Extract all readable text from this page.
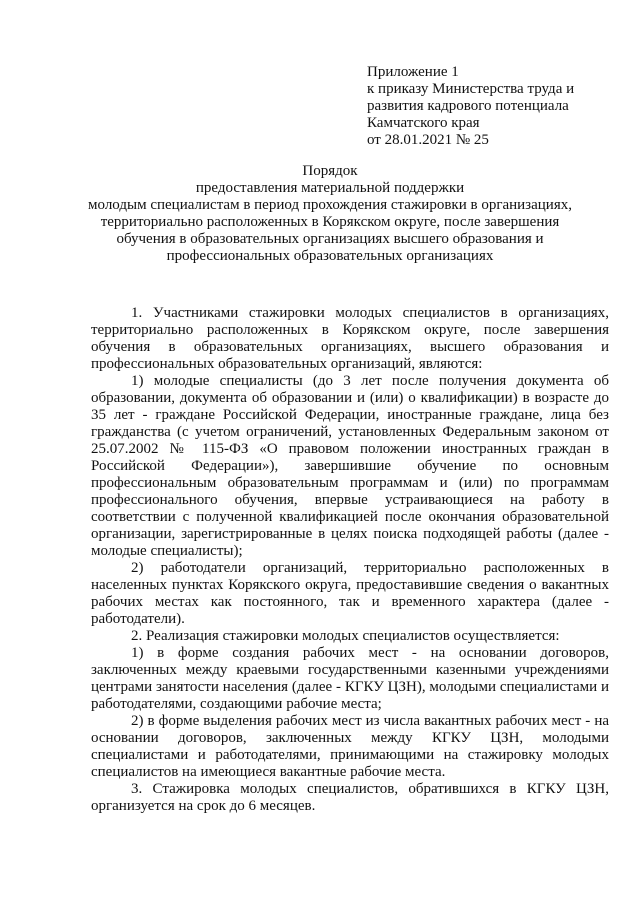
Приложение 1
к приказу Министерства труда и
развития кадрового потенциала
Камчатского края
от 28.01.2021 № 25
Порядок
предоставления материальной поддержки
молодым специалистам в период прохождения стажировки в организациях,
территориально расположенных в Корякском округе, после завершения
обучения в образовательных организациях высшего образования и
профессиональных образовательных организациях

1. Участниками стажировки молодых специалистов в организациях, территориально расположенных в Корякском округе, после завершения обучения в образовательных организациях, высшего образования и профессиональных образовательных организаций, являются:

1) молодые специалисты (до 3 лет после получения документа об образовании, документа об образовании и (или) о квалификации) в возрасте до 35 лет - граждане Российской Федерации, иностранные граждане, лица без гражданства (с учетом ограничений, установленных Федеральным законом от 25.07.2002 № 115-ФЗ «О правовом положении иностранных граждан в Российской Федерации»), завершившие обучение по основным профессиональным образовательным программам и (или) по программам профессионального обучения, впервые устраивающиеся на работу в соответствии с полученной квалификацией после окончания образовательной организации, зарегистрированные в целях поиска подходящей работы (далее - молодые специалисты);

2) работодатели организаций, территориально расположенных в населенных пунктах Корякского округа, предоставившие сведения о вакантных рабочих местах как постоянного, так и временного характера (далее - работодатели).

2. Реализация стажировки молодых специалистов осуществляется:

1) в форме создания рабочих мест - на основании договоров, заключенных между краевыми государственными казенными учреждениями центрами занятости населения (далее - КГКУ ЦЗН), молодыми специалистами и работодателями, создающими рабочие места;

2) в форме выделения рабочих мест из числа вакантных рабочих мест - на основании договоров, заключенных между КГКУ ЦЗН, молодыми специалистами и работодателями, принимающими на стажировку молодых специалистов на имеющиеся вакантные рабочие места.

3. Стажировка молодых специалистов, обратившихся в КГКУ ЦЗН, организуется на срок до 6 месяцев.
